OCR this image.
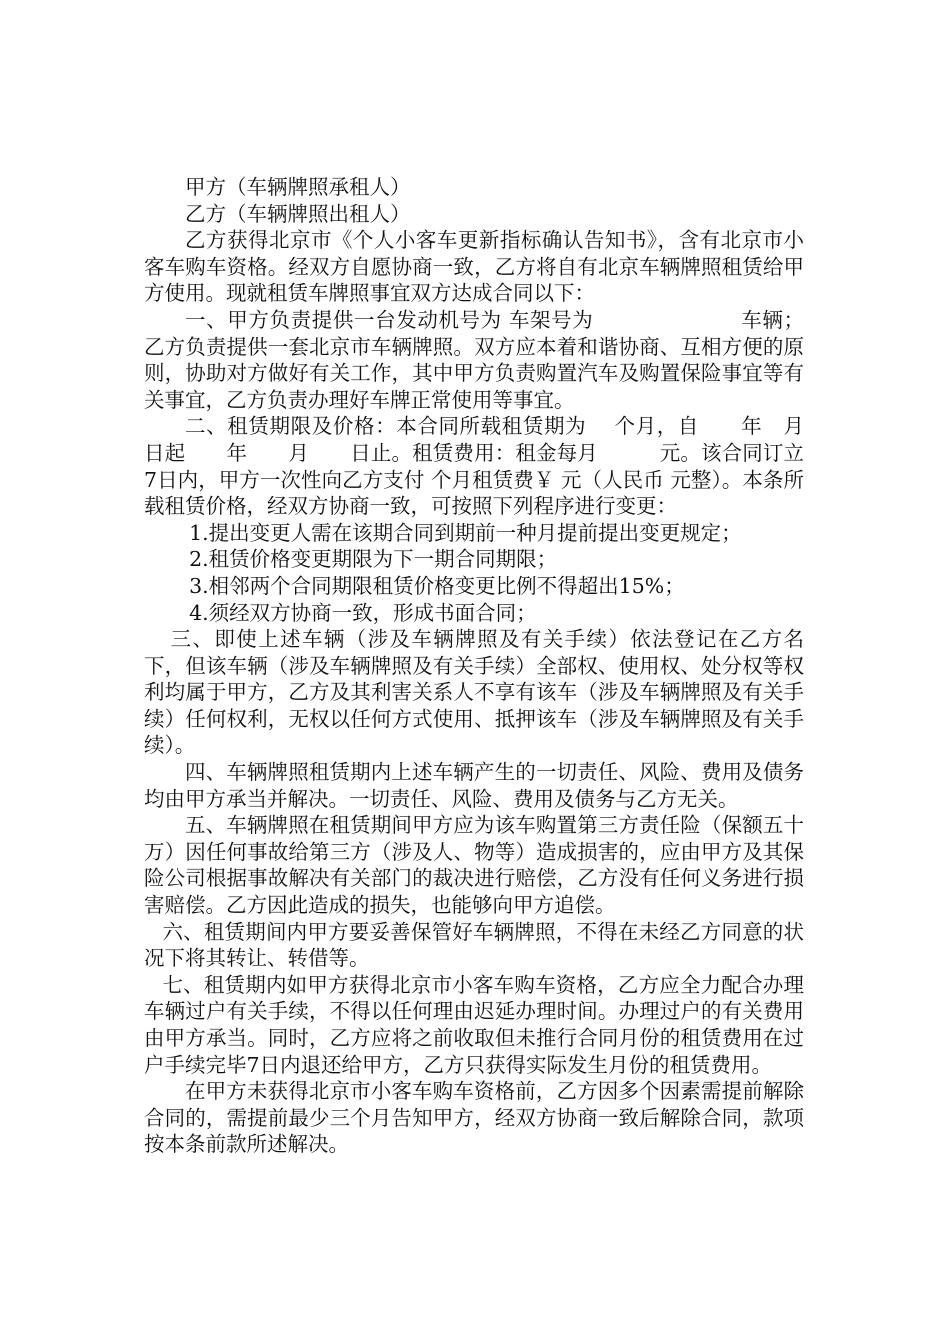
甲方（车辆牌照承租人）

乙方（车辆牌照出租人）

乙方获得北京市《个人小客车更新指标确认告知书》，含有北京市小客车购车资格。经双方自愿协商一致，乙方将自有北京车辆牌照租赁给甲方使用。现就租赁车牌照事宜双方达成合同以下：

一、甲方负责提供一台发动机号为 车架号为　　　　　　　车辆；乙方负责提供一套北京市车辆牌照。双方应本着和谐协商、互相方便的原则，协助对方做好有关工作，其中甲方负责购置汽车及购置保险事宜等有关事宜，乙方负责办理好车牌正常使用等事宜。

二、租赁期限及价格：本合同所载租赁期为　 个月，自　　年　月　　日起　　年　　月　　日止。租赁费用：租金每月　　　元。该合同订立7日内，甲方一次性向乙方支付 个月租赁费￥ 元（人民币 元整）。本条所载租赁价格，经双方协商一致，可按照下列程序进行变更：

1.提出变更人需在该期合同到期前一种月提前提出变更规定；

2.租赁价格变更期限为下一期合同期限；

3.相邻两个合同期限租赁价格变更比例不得超出15%；

4.须经双方协商一致，形成书面合同；

三、即使上述车辆（涉及车辆牌照及有关手续）依法登记在乙方名下，但该车辆（涉及车辆牌照及有关手续）全部权、使用权、处分权等权利均属于甲方，乙方及其利害关系人不享有该车（涉及车辆牌照及有关手续）任何权利，无权以任何方式使用、抵押该车（涉及车辆牌照及有关手续）。

四、车辆牌照租赁期内上述车辆产生的一切责任、风险、费用及债务均由甲方承当并解决。一切责任、风险、费用及债务与乙方无关。

五、车辆牌照在租赁期间甲方应为该车购置第三方责任险（保额五十万）因任何事故给第三方（涉及人、物等）造成损害的，应由甲方及其保险公司根据事故解决有关部门的裁决进行赔偿，乙方没有任何义务进行损害赔偿。乙方因此造成的损失，也能够向甲方追偿。

六、租赁期间内甲方要妥善保管好车辆牌照，不得在未经乙方同意的状况下将其转让、转借等。

七、租赁期内如甲方获得北京市小客车购车资格，乙方应全力配合办理车辆过户有关手续，不得以任何理由迟延办理时间。办理过户的有关费用由甲方承当。同时，乙方应将之前收取但未推行合同月份的租赁费用在过户手续完毕7日内退还给甲方，乙方只获得实际发生月份的租赁费用。

在甲方未获得北京市小客车购车资格前，乙方因多个因素需提前解除合同的，需提前最少三个月告知甲方，经双方协商一致后解除合同，款项按本条前款所述解决。
